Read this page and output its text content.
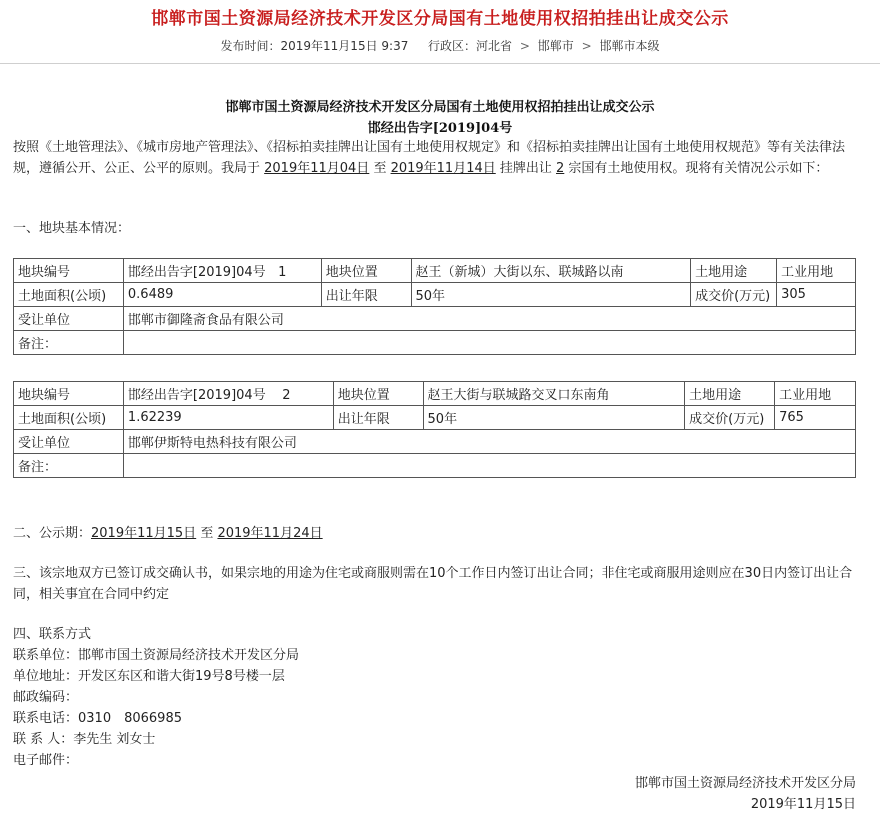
邯郸市国土资源局经济技术开发区分局国有土地使用权招拍挂出让成交公示
发布时间：2019年11月15日 9:37 行政区：河北省 > 邯郸市 > 邯郸市本级
邯郸市国土资源局经济技术开发区分局国有土地使用权招拍挂出让成交公示
邯经出告字[2019]04号
按照《土地管理法》、《城市房地产管理法》、《招标拍卖挂牌出让国有土地使用权规定》和《招标拍卖挂牌出让国有土地使用权规范》等有关法律法规，遵循公开、公正、公平的原则。我局于 2019年11月04日 至 2019年11月14日 挂牌出让 2 宗国有土地使用权。现将有关情况公示如下：
一、地块基本情况：
地块编号	邯经出告字[2019]04号 1	地块位置	赵王（新城）大街以东、联城路以南	土地用途	工业用地
土地面积(公顷)	0.6489	出让年限	50年	成交价(万元)	305
受让单位	邯郸市御隆斋食品有限公司				
备注：					
地块编号	邯经出告字[2019]04号 2	地块位置	赵王大街与联城路交叉口东南角	土地用途	工业用地
土地面积(公顷)	1.62239	出让年限	50年	成交价(万元)	765
受让单位	邯郸伊斯特电热科技有限公司				
备注：					
二、公示期：2019年11月15日 至 2019年11月24日
三、该宗地双方已签订成交确认书，如果宗地的用途为住宅或商服则需在10个工作日内签订出让合同；非住宅或商服用途则应在30日内签订出让合同，相关事宜在合同中约定
四、联系方式
联系单位：邯郸市国土资源局经济技术开发区分局
单位地址：开发区东区和谐大街19号8号楼一层
邮政编码：
联系电话：0310　8066985
联 系 人：李先生 刘女士
电子邮件：
邯郸市国土资源局经济技术开发区分局
2019年11月15日
